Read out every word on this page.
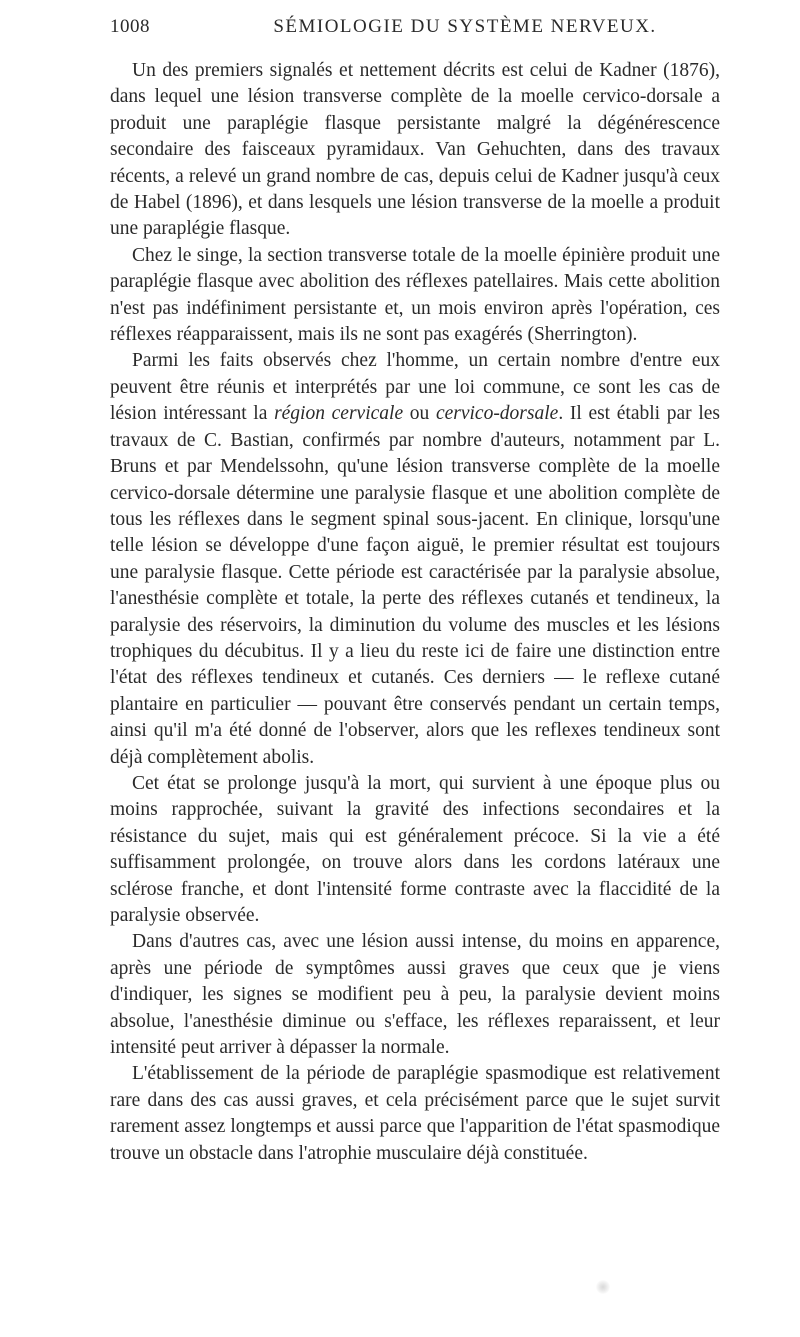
1008	SÉMIOLOGIE DU SYSTÈME NERVEUX.

Un des premiers signalés et nettement décrits est celui de Kadner (1876), dans lequel une lésion transverse complète de la moelle cervico-dorsale a produit une paraplégie flasque persistante malgré la dégénérescence secondaire des faisceaux pyramidaux. Van Gehuchten, dans des travaux récents, a relevé un grand nombre de cas, depuis celui de Kadner jusqu'à ceux de Habel (1896), et dans lesquels une lésion transverse de la moelle a produit une paraplégie flasque.

Chez le singe, la section transverse totale de la moelle épinière produit une paraplégie flasque avec abolition des réflexes patellaires. Mais cette abolition n'est pas indéfiniment persistante et, un mois environ après l'opération, ces réflexes réapparaissent, mais ils ne sont pas exagérés (Sherrington).

Parmi les faits observés chez l'homme, un certain nombre d'entre eux peuvent être réunis et interprétés par une loi commune, ce sont les cas de lésion intéressant la région cervicale ou cervico-dorsale. Il est établi par les travaux de C. Bastian, confirmés par nombre d'auteurs, notamment par L. Bruns et par Mendelssohn, qu'une lésion transverse complète de la moelle cervico-dorsale détermine une paralysie flasque et une abolition complète de tous les réflexes dans le segment spinal sous-jacent. En clinique, lorsqu'une telle lésion se développe d'une façon aiguë, le premier résultat est toujours une paralysie flasque. Cette période est caractérisée par la paralysie absolue, l'anesthésie complète et totale, la perte des réflexes cutanés et tendineux, la paralysie des réservoirs, la diminution du volume des muscles et les lésions trophiques du décubitus. Il y a lieu du reste ici de faire une distinction entre l'état des réflexes tendineux et cutanés. Ces derniers — le reflexe cutané plantaire en particulier — pouvant être conservés pendant un certain temps, ainsi qu'il m'a été donné de l'observer, alors que les reflexes tendineux sont déjà complètement abolis.

Cet état se prolonge jusqu'à la mort, qui survient à une époque plus ou moins rapprochée, suivant la gravité des infections secondaires et la résistance du sujet, mais qui est généralement précoce. Si la vie a été suffisamment prolongée, on trouve alors dans les cordons latéraux une sclérose franche, et dont l'intensité forme contraste avec la flaccidité de la paralysie observée.

Dans d'autres cas, avec une lésion aussi intense, du moins en apparence, après une période de symptômes aussi graves que ceux que je viens d'indiquer, les signes se modifient peu à peu, la paralysie devient moins absolue, l'anesthésie diminue ou s'efface, les réflexes reparaissent, et leur intensité peut arriver à dépasser la normale.

L'établissement de la période de paraplégie spasmodique est relativement rare dans des cas aussi graves, et cela précisément parce que le sujet survit rarement assez longtemps et aussi parce que l'apparition de l'état spasmodique trouve un obstacle dans l'atrophie musculaire déjà constituée.
